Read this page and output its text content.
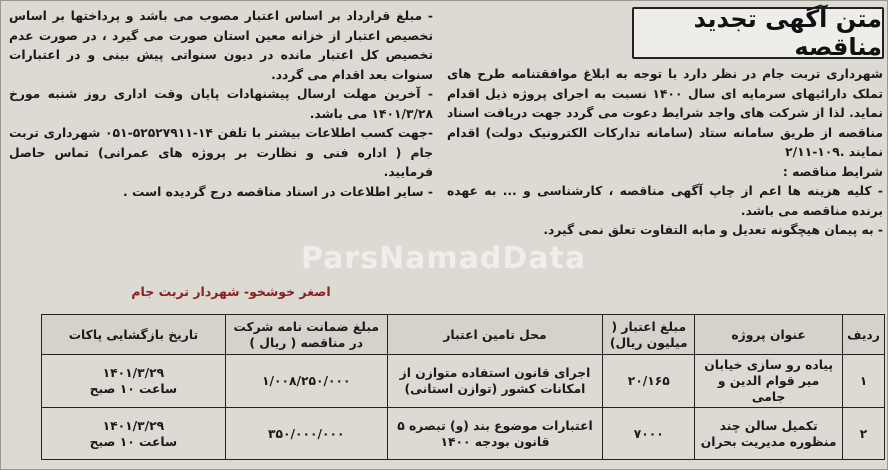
متن آگهی تجدید مناقصه

شهرداری تربت جام در نظر دارد با توجه به ابلاغ موافقتنامه طرح های تملک دارائیهای سرمایه ای سال ۱۴۰۰ نسبت به اجرای پروژه ذیل اقدام نماید. لذا از شرکت های واجد شرایط دعوت می گردد جهت دریافت اسناد مناقصه از طریق سامانه ستاد (سامانه تدارکات الکترونیک دولت) اقدام نمایند .۱۰۹-۲/۱۱

شرایط مناقصه :

- کلیه هزینه ها اعم از چاپ آگهی مناقصه ، کارشناسی و ... به عهده برنده مناقصه می باشد.

- به پیمان هیچگونه تعدیل و مابه التفاوت تعلق نمی گیرد.

- مبلغ قرارداد بر اساس اعتبار مصوب می باشد و پرداختها بر اساس تخصیص اعتبار از خزانه معین استان صورت می گیرد ، در صورت عدم تخصیص کل اعتبار مانده در دیون سنواتی پیش بینی و در اعتبارات سنوات بعد اقدام می گردد.

- آخرین مهلت ارسال پیشنهادات پایان وقت اداری روز شنبه مورخ ۱۴۰۱/۳/۲۸ می باشد.

-جهت کسب اطلاعات بیشتر با تلفن ۱۴-۵۲۵۲۷۹۱۱-۰۵۱ شهرداری تربت جام ( اداره فنی و نظارت بر پروژه های عمرانی) تماس حاصل فرمایید.

- سایر اطلاعات در اسناد مناقصه درج گردیده است .

اصغر خوشخو- شهردار تربت جام
ParsNamadData
ردیف	عنوان پروژه	مبلغ اعتبار ( میلیون ریال)	محل تامین اعتبار	مبلغ ضمانت نامه شرکت در مناقصه ( ریال )	تاریخ بازگشایی پاکات
۱	پیاده رو سازی خیابان میر قوام الدین و جامی	۲۰/۱۶۵	اجرای قانون استفاده متوازن از امکانات کشور (توازن استانی)	۱/۰۰۸/۲۵۰/۰۰۰	۱۴۰۱/۳/۲۹
ساعت ۱۰ صبح

۲	تکمیل سالن چند منظوره مدیریت بحران	۷۰۰۰	اعتبارات موضوع بند (و) تبصره ۵ قانون بودجه ۱۴۰۰	۳۵۰/۰۰۰/۰۰۰	۱۴۰۱/۳/۲۹
ساعت ۱۰ صبح
